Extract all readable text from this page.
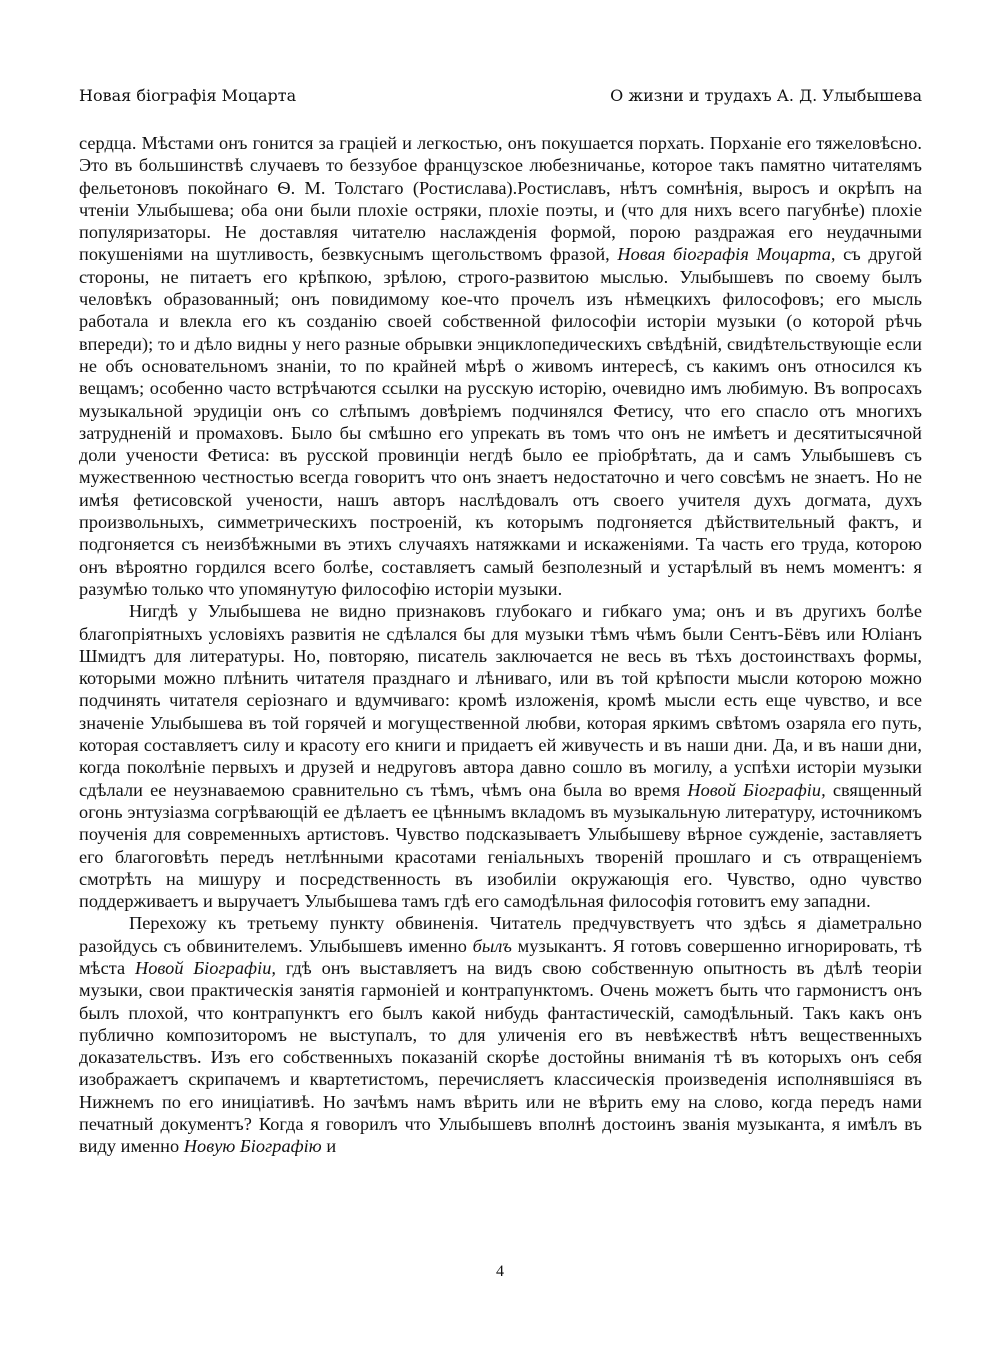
Новая біографія Моцарта	О жизни и трудахъ А. Д. Улыбышева

сердца. Мѣстами онъ гонится за граціей и легкостью, онъ покушается порхать. Порханіе его тяжеловѣсно. Это въ большинствѣ случаевъ то беззубое французское любезничанье, которое такъ памятно читателямъ фельетоновъ покойнаго Ѳ. М. Толстаго (Ростислава).Ростиславъ, нѣтъ сомнѣнія, выросъ и окрѣпъ на чтеніи Улыбышева; оба они были плохіе остряки, плохіе поэты, и (что для нихъ всего пагубнѣе) плохіе популяризаторы. Не доставляя читателю наслажденія формой, порою раздражая его неудачными покушеніями на шутливость, безвкуснымъ щегольствомъ фразой, Новая біографія Моцарта, съ другой стороны, не питаетъ его крѣпкою, зрѣлою, строго-развитою мыслью. Улыбышевъ по своему былъ человѣкъ образованный; онъ повидимому кое-что прочелъ изъ нѣмецкихъ философовъ; его мысль работала и влекла его къ созданію своей собственной философіи исторіи музыки (о которой рѣчь впереди); то и дѣло видны у него разные обрывки энциклопедическихъ свѣдѣній, свидѣтельствующіе если не объ основательномъ знаніи, то по крайней мѣрѣ о живомъ интересѣ, съ какимъ онъ относился къ вещамъ; особенно часто встрѣчаются ссылки на русскую исторію, очевидно имъ любимую. Въ вопросахъ музыкальной эрудиціи онъ со слѣпымъ довѣріемъ подчинялся Фетису, что его спасло отъ многихъ затрудненій и промаховъ. Было бы смѣшно его упрекать въ томъ что онъ не имѣетъ и десятитысячной доли учености Фетиса: въ русской провинціи негдѣ было ее пріобрѣтать, да и самъ Улыбышевъ съ мужественною честностью всегда говоритъ что онъ знаетъ недостаточно и чего совсѣмъ не знаетъ. Но не имѣя фетисовской учености, нашъ авторъ наслѣдовалъ отъ своего учителя духъ догмата, духъ произвольныхъ, симметрическихъ построеній, къ которымъ подгоняется дѣйствительный фактъ, и подгоняется съ неизбѣжными въ этихъ случаяхъ натяжками и искаженіями. Та часть его труда, которою онъ вѣроятно гордился всего болѣе, составляетъ самый безполезный и устарѣлый въ немъ моментъ: я разумѣю только что упомянутую философію исторіи музыки.

Нигдѣ у Улыбышева не видно признаковъ глубокаго и гибкаго ума; онъ и въ другихъ болѣе благопріятныхъ условіяхъ развитія не сдѣлался бы для музыки тѣмъ чѣмъ были Сентъ-Бёвъ или Юліанъ Шмидтъ для литературы. Но, повторяю, писатель заключается не весь въ тѣхъ достоинствахъ формы, которыми можно плѣнить читателя празднаго и лѣниваго, или въ той крѣпости мысли которою можно подчинять читателя серіознаго и вдумчиваго: кромѣ изложенія, кромѣ мысли есть еще чувство, и все значеніе Улыбышева въ той горячей и могущественной любви, которая яркимъ свѣтомъ озаряла его путь, которая составляетъ силу и красоту его книги и придаетъ ей живучесть и въ наши дни. Да, и въ наши дни, когда поколѣніе первыхъ и друзей и недруговъ автора давно сошло въ могилу, а успѣхи исторіи музыки сдѣлали ее неузнаваемою сравнительно съ тѣмъ, чѣмъ она была во время Новой Біографіи, священный огонь энтузіазма согрѣвающій ее дѣлаетъ ее цѣннымъ вкладомъ въ музыкальную литературу, источникомъ поученія для современныхъ артистовъ. Чувство подсказываетъ Улыбышеву вѣрное сужденіе, заставляетъ его благоговѣть передъ нетлѣнными красотами геніальныхъ твореній прошлаго и съ отвращеніемъ смотрѣть на мишуру и посредственность въ изобиліи окружающія его. Чувство, одно чувство поддерживаетъ и выручаетъ Улыбышева тамъ гдѣ его самодѣльная философія готовитъ ему западни.

Перехожу къ третьему пункту обвиненія. Читатель предчувствуетъ что здѣсь я діаметрально разойдусь съ обвинителемъ. Улыбышевъ именно былъ музыкантъ. Я готовъ совершенно игнорировать, тѣ мѣста Новой Біографіи, гдѣ онъ выставляетъ на видъ свою собственную опытность въ дѣлѣ теоріи музыки, свои практическія занятія гармоніей и контрапунктомъ. Очень можетъ быть что гармонистъ онъ былъ плохой, что контрапунктъ его былъ какой нибудь фантастическій, самодѣльный. Такъ какъ онъ публично композиторомъ не выступалъ, то для уличенія его въ невѣжествѣ нѣтъ вещественныхъ доказательствъ. Изъ его собственныхъ показаній скорѣе достойны вниманія тѣ въ которыхъ онъ себя изображаетъ скрипачемъ и квартетистомъ, перечисляетъ классическія произведенія исполнявшіяся въ Нижнемъ по его иниціативѣ. Но зачѣмъ намъ вѣрить или не вѣрить ему на слово, когда передъ нами печатный документъ? Когда я говорилъ что Улыбышевъ вполнѣ достоинъ званія музыканта, я имѣлъ въ виду именно Новую Біографію и

4
